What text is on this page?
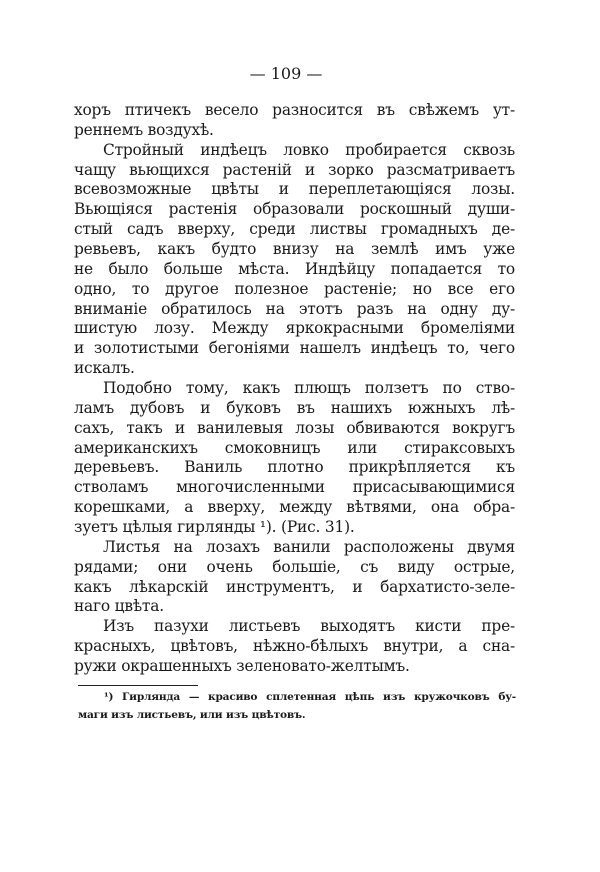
— 109 —
хоръ птичекъ весело разносится въ свѣжемъ ут-
реннемъ воздухѣ.
Стройный индѣецъ ловко пробирается сквозь
чащу вьющихся растеній и зорко разсматриваетъ
всевозможные цвѣты и переплетающіяся лозы.
Вьющіяся растенія образовали роскошный души-
стый садъ вверху, среди листвы громадныхъ де-
ревьевъ, какъ будто внизу на землѣ имъ уже
не было больше мѣста. Индѣйцу попадается то
одно, то другое полезное растеніе; но все его
вниманіе обратилось на этотъ разъ на одну ду-
шистую лозу. Между яркокрасными бромеліями
и золотистыми бегоніями нашелъ индѣецъ то, чего
искалъ.
Подобно тому, какъ плющъ ползетъ по ство-
ламъ дубовъ и буковъ въ нашихъ южныхъ лѣ-
сахъ, такъ и ванилевыя лозы обвиваются вокругъ
американскихъ смоковницъ или стираксовыхъ
деревьевъ. Ваниль плотно прикрѣпляется къ
стволамъ многочисленными присасывающимися
корешками, а вверху, между вѣтвями, она обра-
зуетъ цѣлыя гирлянды ¹). (Рис. 31).
Листья на лозахъ ванили расположены двумя
рядами; они очень большіе, съ виду острые,
какъ лѣкарскій инструментъ, и бархатисто-зеле-
наго цвѣта.
Изъ пазухи листьевъ выходятъ кисти пре-
красныхъ, цвѣтовъ, нѣжно-бѣлыхъ внутри, а сна-
ружи окрашенныхъ зеленовато-желтымъ.
¹) Гирлянда — красиво сплетенная цѣпь изъ кружочковъ бу-
маги изъ листьевъ, или изъ цвѣтовъ.
